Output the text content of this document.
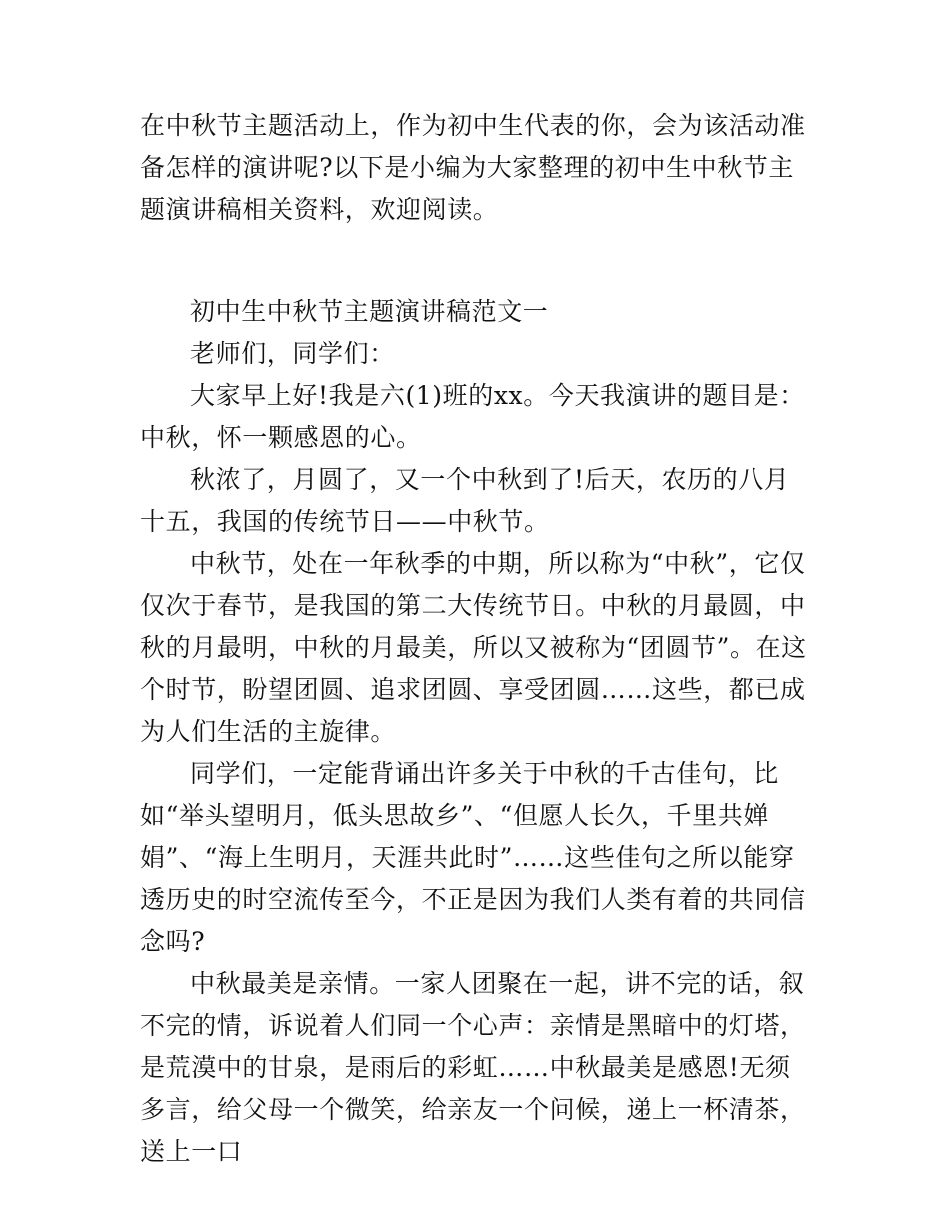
在中秋节主题活动上，作为初中生代表的你，会为该活动准备怎样的演讲呢?以下是小编为大家整理的初中生中秋节主题演讲稿相关资料，欢迎阅读。

初中生中秋节主题演讲稿范文一

老师们，同学们：

大家早上好!我是六(1)班的xx。今天我演讲的题目是：中秋，怀一颗感恩的心。

秋浓了，月圆了，又一个中秋到了!后天，农历的八月十五，我国的传统节日——中秋节。

中秋节，处在一年秋季的中期，所以称为“中秋”，它仅仅次于春节，是我国的第二大传统节日。中秋的月最圆，中秋的月最明，中秋的月最美，所以又被称为“团圆节”。在这个时节，盼望团圆、追求团圆、享受团圆……这些，都已成为人们生活的主旋律。

同学们，一定能背诵出许多关于中秋的千古佳句，比如“举头望明月，低头思故乡”、“但愿人长久，千里共婵娟”、“海上生明月，天涯共此时”……这些佳句之所以能穿透历史的时空流传至今，不正是因为我们人类有着的共同信念吗?

中秋最美是亲情。一家人团聚在一起，讲不完的话，叙不完的情，诉说着人们同一个心声：亲情是黑暗中的灯塔，是荒漠中的甘泉，是雨后的彩虹……中秋最美是感恩!无须多言，给父母一个微笑，给亲友一个问候，递上一杯清茶，送上一口
